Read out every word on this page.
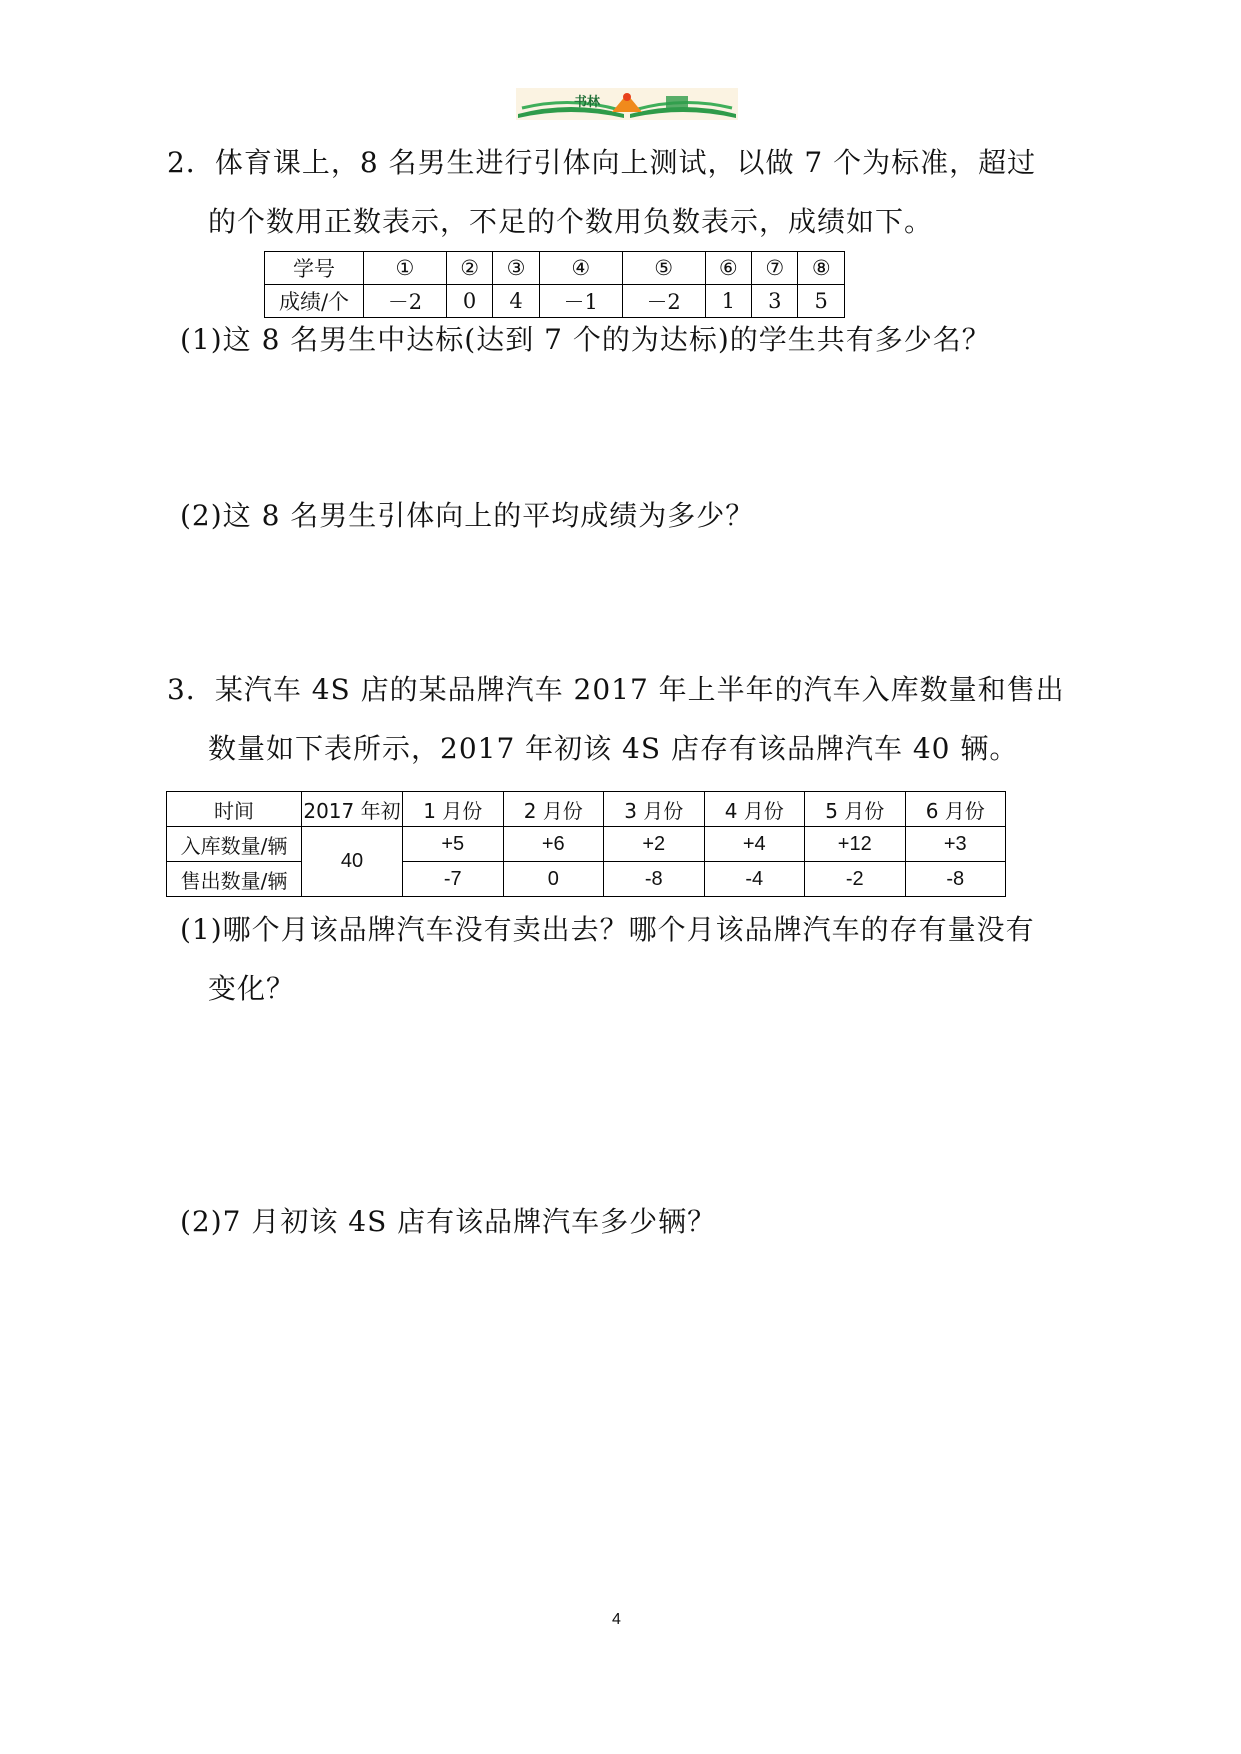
书林
2．体育课上，8 名男生进行引体向上测试，以做 7 个为标准，超过
的个数用正数表示，不足的个数用负数表示，成绩如下。
学号	①	②	③	④	⑤	⑥	⑦	⑧
成绩/个	－2	0	4	－1	－2	1	3	5
(1)这 8 名男生中达标(达到 7 个的为达标)的学生共有多少名？
(2)这 8 名男生引体向上的平均成绩为多少？
3．某汽车 4S 店的某品牌汽车 2017 年上半年的汽车入库数量和售出
数量如下表所示，2017 年初该 4S 店存有该品牌汽车 40 辆。
时间	2017 年初	1 月份	2 月份	3 月份	4 月份	5 月份	6 月份
入库数量/辆	40	+5	+6	+2	+4	+12	+3
售出数量/辆		-7	0	-8	-4	-2	-8
(1)哪个月该品牌汽车没有卖出去？哪个月该品牌汽车的存有量没有
变化？
(2)7 月初该 4S 店有该品牌汽车多少辆？
4
